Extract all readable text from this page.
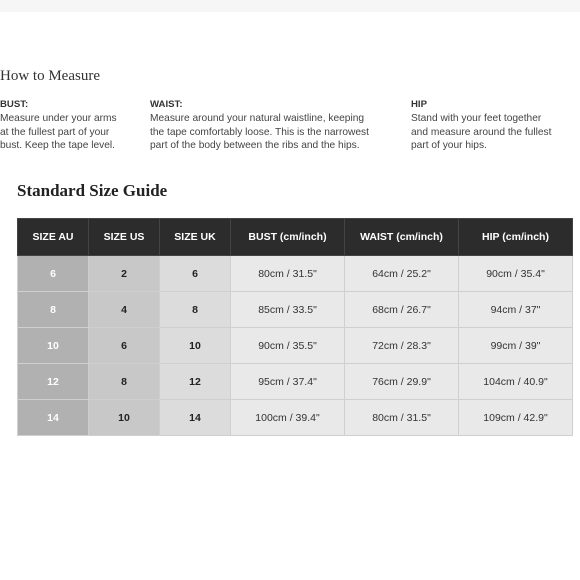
How to Measure
BUST:
Measure under your arms
at the fullest part of your
bust. Keep the tape level.
WAIST:
Measure around your natural waistline, keeping
the tape comfortably loose. This is the narrowest
part of the body between the ribs and the hips.
HIP
Stand with your feet together
and measure around the fullest
part of your hips.
Standard Size Guide
SIZE AU	SIZE US	SIZE UK	BUST (cm/inch)	WAIST (cm/inch)	HIP (cm/inch)
6	2	6	80cm / 31.5"	64cm / 25.2"	90cm / 35.4"
8	4	8	85cm / 33.5"	68cm / 26.7"	94cm / 37"
10	6	10	90cm / 35.5"	72cm / 28.3"	99cm / 39"
12	8	12	95cm / 37.4"	76cm / 29.9"	104cm / 40.9"
14	10	14	100cm / 39.4"	80cm / 31.5"	109cm / 42.9"
